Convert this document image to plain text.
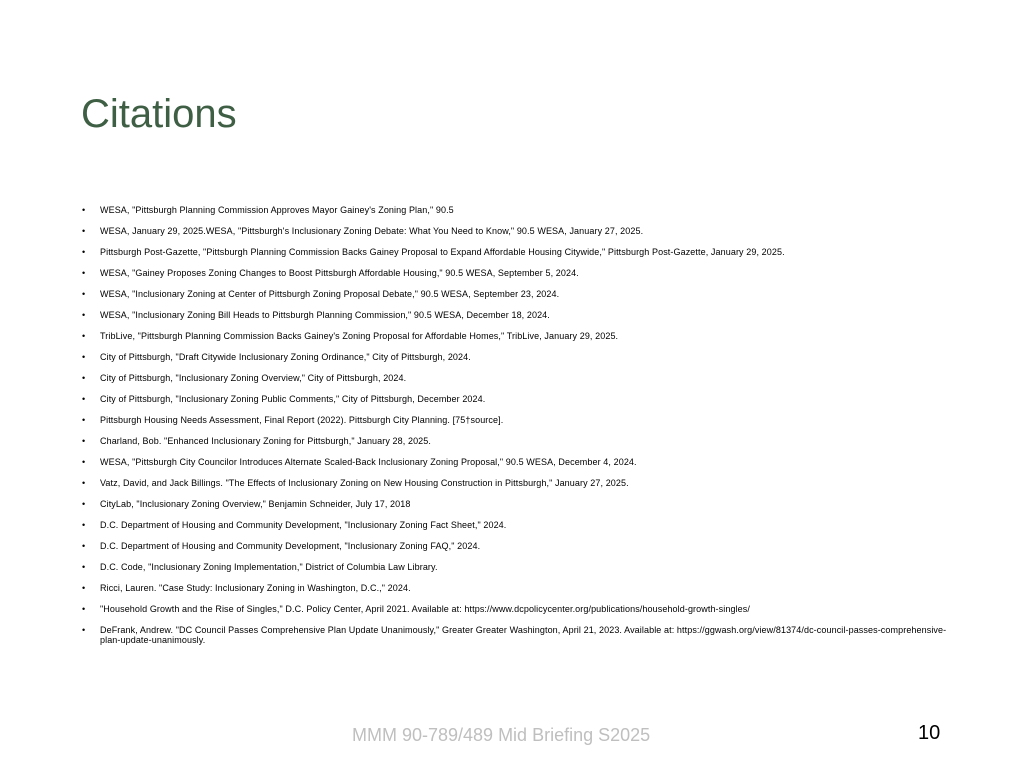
Citations
• WESA, "Pittsburgh Planning Commission Approves Mayor Gainey's Zoning Plan," 90.5
• WESA, January 29, 2025.WESA, "Pittsburgh's Inclusionary Zoning Debate: What You Need to Know," 90.5 WESA, January 27, 2025.
• Pittsburgh Post-Gazette, "Pittsburgh Planning Commission Backs Gainey Proposal to Expand Affordable Housing Citywide," Pittsburgh Post-Gazette, January 29, 2025.
• WESA, "Gainey Proposes Zoning Changes to Boost Pittsburgh Affordable Housing," 90.5 WESA, September 5, 2024.
• WESA, "Inclusionary Zoning at Center of Pittsburgh Zoning Proposal Debate," 90.5 WESA, September 23, 2024.
• WESA, "Inclusionary Zoning Bill Heads to Pittsburgh Planning Commission," 90.5 WESA, December 18, 2024.
• TribLive, "Pittsburgh Planning Commission Backs Gainey's Zoning Proposal for Affordable Homes," TribLive, January 29, 2025.
• City of Pittsburgh, "Draft Citywide Inclusionary Zoning Ordinance," City of Pittsburgh, 2024.
• City of Pittsburgh, "Inclusionary Zoning Overview," City of Pittsburgh, 2024.
• City of Pittsburgh, "Inclusionary Zoning Public Comments," City of Pittsburgh, December 2024.
• Pittsburgh Housing Needs Assessment, Final Report (2022). Pittsburgh City Planning. [75†source].
• Charland, Bob. "Enhanced Inclusionary Zoning for Pittsburgh," January 28, 2025.
• WESA, "Pittsburgh City Councilor Introduces Alternate Scaled-Back Inclusionary Zoning Proposal," 90.5 WESA, December 4, 2024.
• Vatz, David, and Jack Billings. "The Effects of Inclusionary Zoning on New Housing Construction in Pittsburgh," January 27, 2025.
• CityLab, "Inclusionary Zoning Overview," Benjamin Schneider, July 17, 2018
• D.C. Department of Housing and Community Development, "Inclusionary Zoning Fact Sheet," 2024.
• D.C. Department of Housing and Community Development, "Inclusionary Zoning FAQ," 2024.
• D.C. Code, "Inclusionary Zoning Implementation," District of Columbia Law Library.
• Ricci, Lauren. "Case Study: Inclusionary Zoning in Washington, D.C.," 2024.
• "Household Growth and the Rise of Singles," D.C. Policy Center, April 2021. Available at: https://www.dcpolicycenter.org/publications/household-growth-singles/
• DeFrank, Andrew. "DC Council Passes Comprehensive Plan Update Unanimously," Greater Greater Washington, April 21, 2023. Available at: https://ggwash.org/view/81374/dc-council-passes-comprehensive-plan-update-unanimously.
MMM 90-789/489 Mid Briefing S2025	10
